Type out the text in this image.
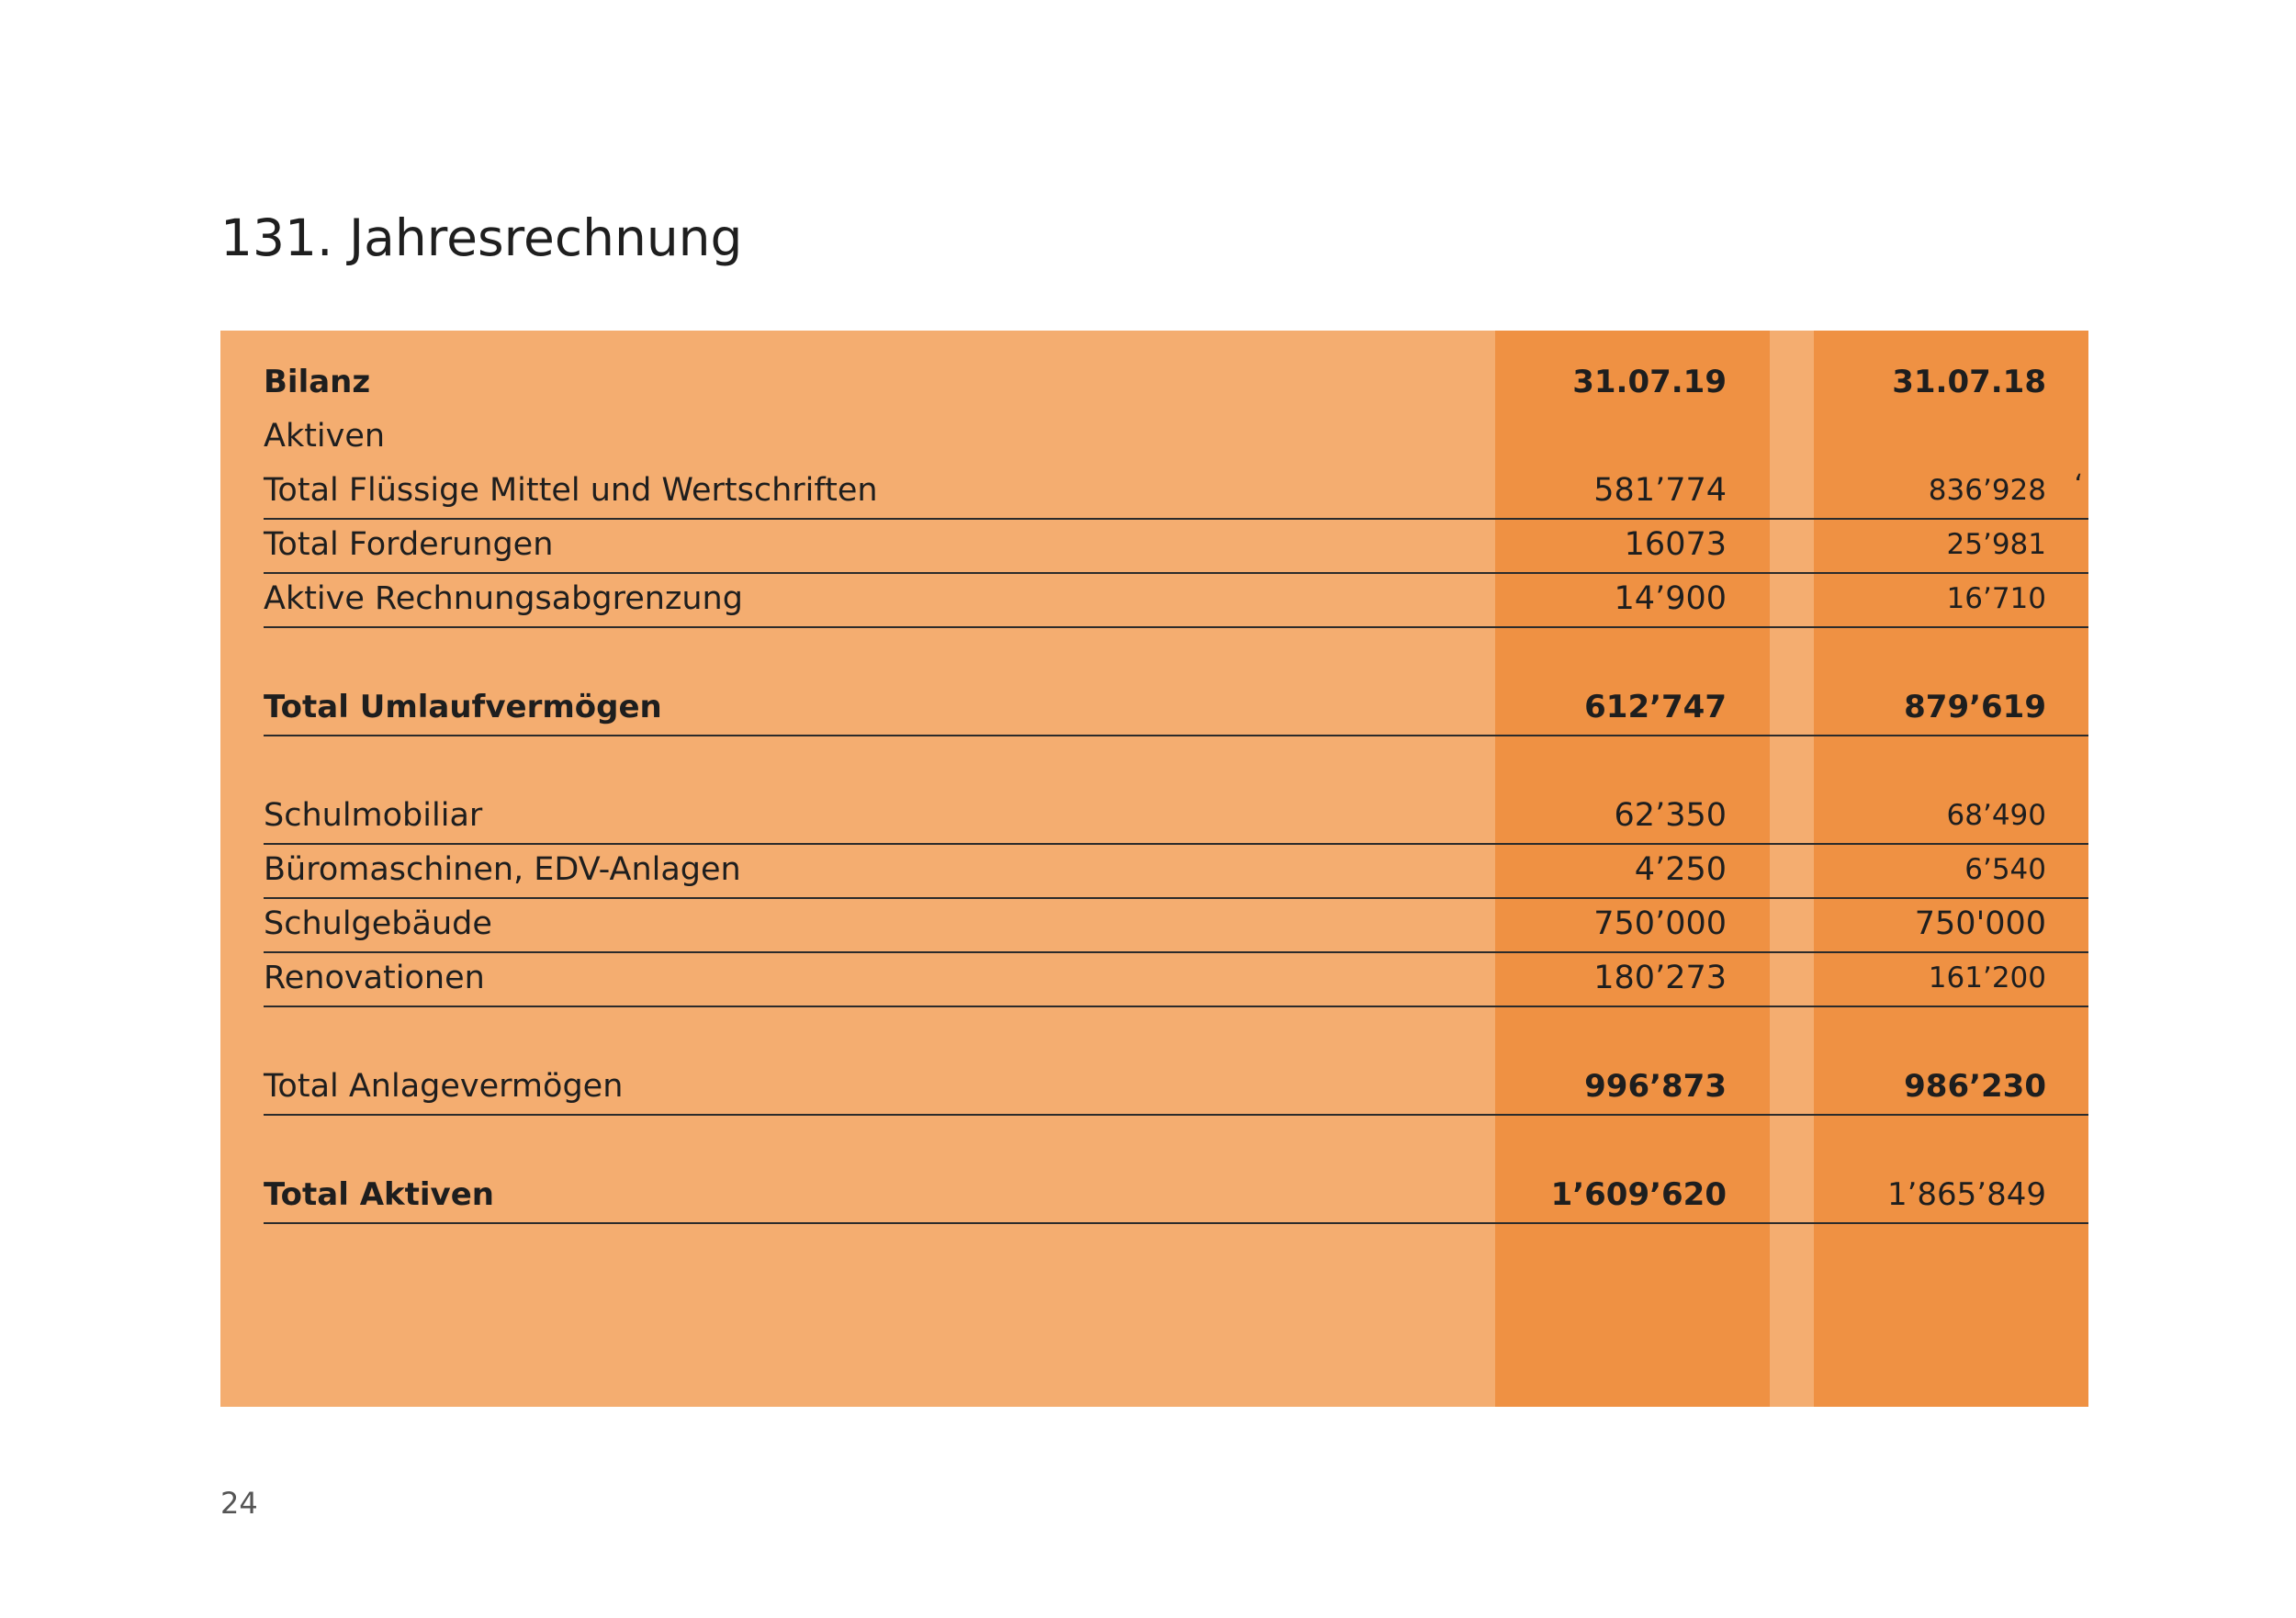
131. Jahresrechnung
Bilanz	31.07.19	31.07.18
Aktiven
Total Flüssige Mittel und Wertschriften	581’774	836’928 ‘
Total Forderungen	16073	25’981
Aktive Rechnungsabgrenzung	14’900	16’710
Total Umlaufvermögen	612’747	879’619
Schulmobiliar	62’350	68’490
Büromaschinen, EDV-Anlagen	4’250	6’540
Schulgebäude	750’000	750'000
Renovationen	180’273	161’200
Total Anlagevermögen	996’873	986’230
Total Aktiven	1’609’620	1’865’849
24
